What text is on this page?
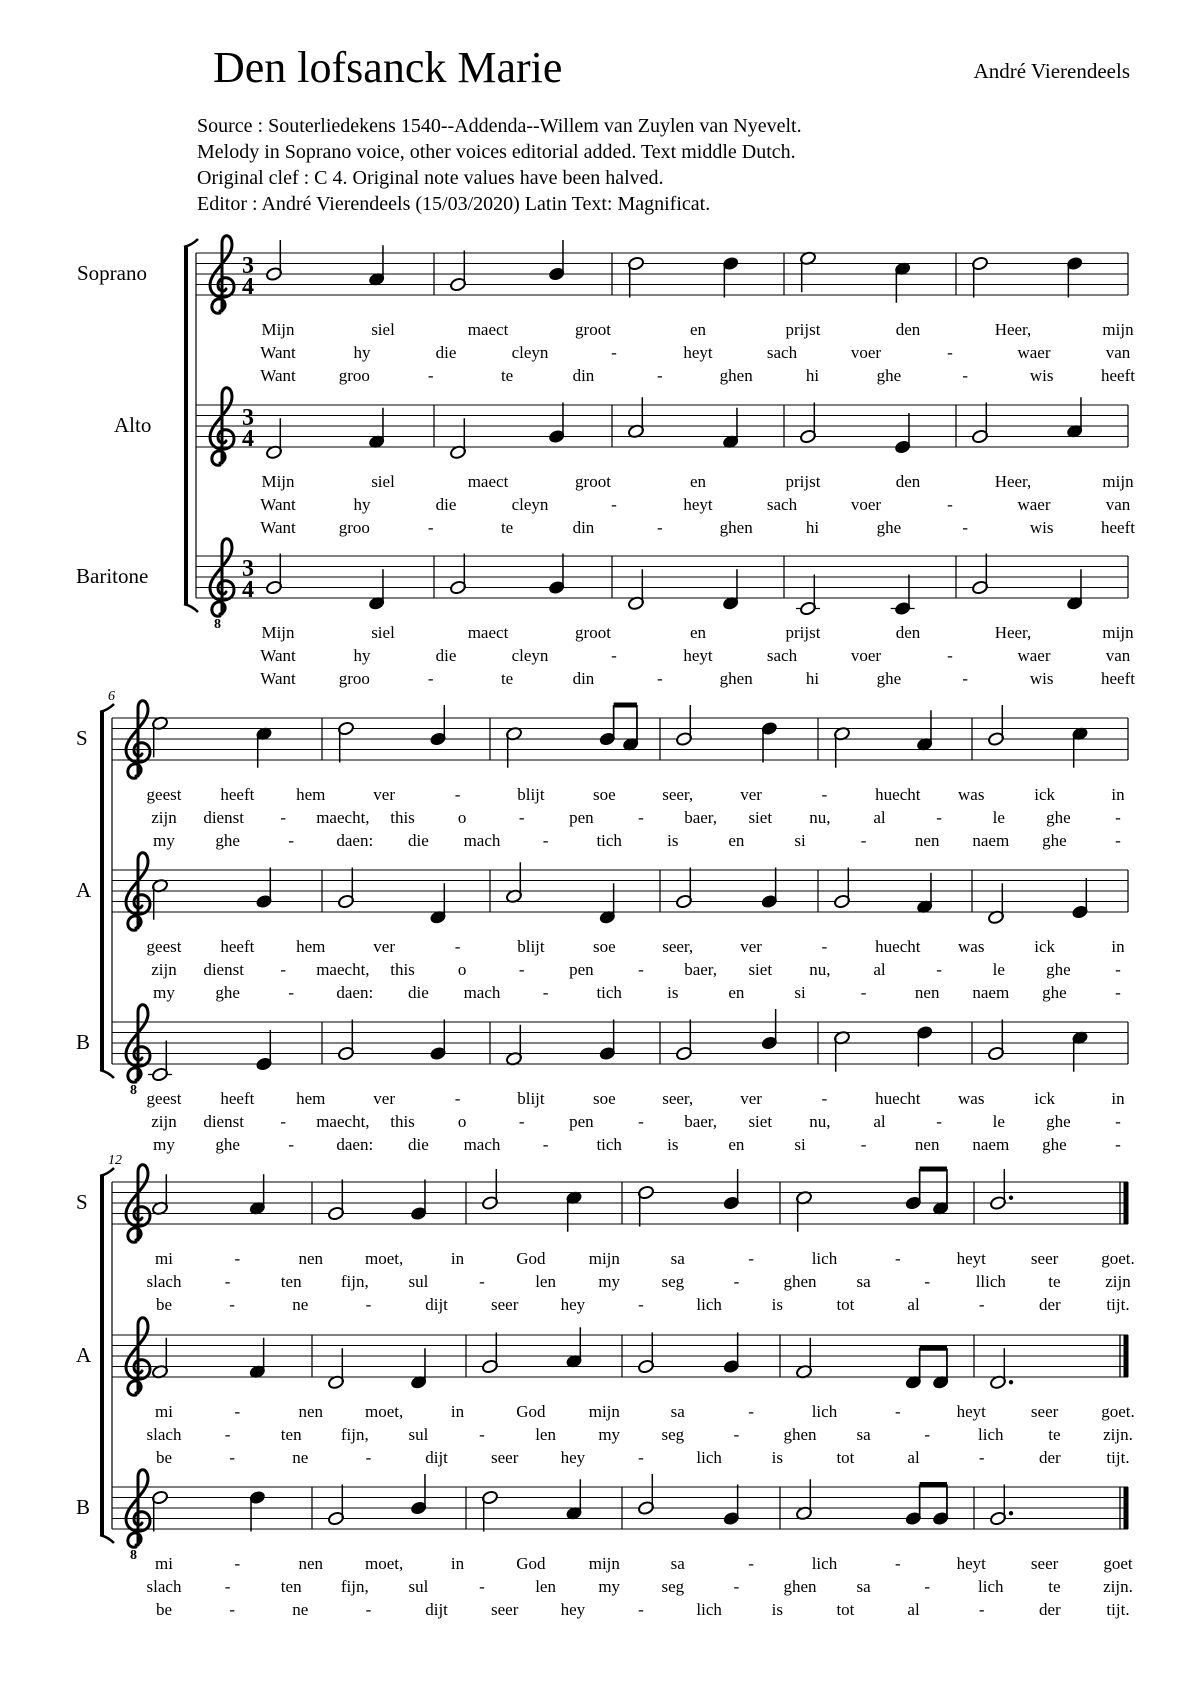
Den lofsanck Marie	André Vierendeels
Source : Souterliedekens 1540--Addenda--Willem van Zuylen van Nyevelt.
Melody in Soprano voice, other voices editorial added. Text middle Dutch.
Original clef : C 4. Original note values have been halved.
Editor : André Vierendeels (15/03/2020) Latin Text: Magnificat.
Soprano	3
4
Mijn	siel	maect	groot	en	prijst	den	Heer,	mijn
Want	hy	die	cleyn	-	heyt	sach	voer	-	waer	van
Want	groo	-	te	din	-	ghen	hi	ghe	-	wis	heeft
Alto	3
4
Mijn	siel	maect	groot	en	prijst	den	Heer,	mijn
Want	hy	die	cleyn	-	heyt	sach	voer	-	waer	van
Want	groo	-	te	din	-	ghen	hi	ghe	-	wis	heeft
Baritone
8
3
4
Mijn	siel	maect	groot	en	prijst	den	Heer,	mijn
Want	hy	die	cleyn	-	heyt	sach	voer	-	waer	van
Want	groo	-	te	din	-	ghen	hi	ghe	-	wis	heeft
6
S
geest heeft hem	ver	-	blijt	soe	seer,	ver	-	huecht was	ick	in
zijn dienst - maecht, this	o	-	pen	- baer, siet nu,	al	-	le ghe	-
my ghe	- daen: die mach -	tich	is	en	si	-	nen naem ghe	-
A
geest heeft hem	ver	-	blijt	soe	seer,	ver	-	huecht was	ick	in
zijn dienst - maecht, this	o	-	pen	- baer, siet nu,	al	-	le ghe	-
my ghe	- daen: die mach -	tich	is	en	si	-	nen naem ghe	-
B
8 geest heeft hem	ver	-	blijt	soe	seer,	ver	-	huecht was	ick	in
zijn dienst - maecht, this	o	-	pen	- baer, siet nu,	al	-	le ghe	-
my ghe	- daen: die mach -	tich	is	en	si	-	nen naem ghe	-
12
S
mi	-	nen moet,	in	God	mijn	sa	-	lich	-	heyt	seer	goet.
slach	-	ten fijn, sul	-	len my seg	-	ghen sa	-	llich te	zijn
be	-	ne	-	dijt	seer hey	-	lich	is	tot	al	-	der	tijt.
A
mi	-	nen moet,	in	God	mijn	sa	-	lich	-	heyt	seer	goet.
slach	-	ten fijn, sul	-	len my seg	-	ghen sa	-	lich	te	zijn.
be	-	ne	-	dijt	seer hey	-	lich	is	tot	al	-	der	tijt.
B
8 mi	-	nen moet,	in	God	mijn	sa	-	lich	-	heyt	seer	goet
slach	-	ten fijn, sul	-	len my seg	-	ghen sa	-	lich	te	zijn.
be	-	ne	-	dijt	seer hey	-	lich	is	tot	al	-	der	tijt.
